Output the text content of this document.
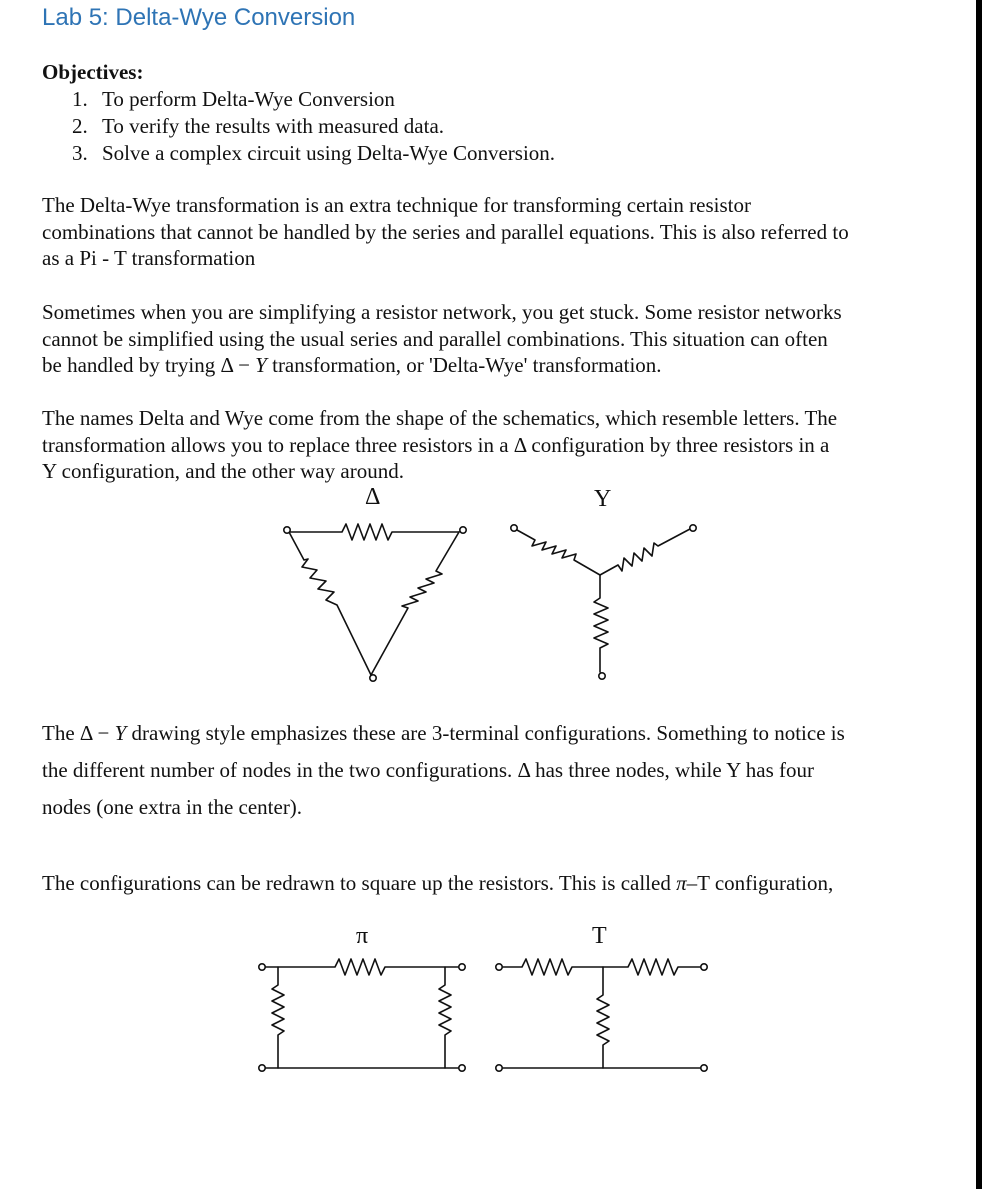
Lab 5: Delta-Wye Conversion
Objectives:
1. To perform Delta-Wye Conversion
2. To verify the results with measured data.
3. Solve a complex circuit using Delta-Wye Conversion.
The Delta-Wye transformation is an extra technique for transforming certain resistor
combinations that cannot be handled by the series and parallel equations. This is also referred to
as a Pi - T transformation
Sometimes when you are simplifying a resistor network, you get stuck. Some resistor networks
cannot be simplified using the usual series and parallel combinations. This situation can often
be handled by trying Δ − Y transformation, or 'Delta-Wye' transformation.
The names Delta and Wye come from the shape of the schematics, which resemble letters. The
transformation allows you to replace three resistors in a Δ configuration by three resistors in a
Y configuration, and the other way around.
Δ	Y
The Δ − Y drawing style emphasizes these are 3-terminal configurations. Something to notice is
the different number of nodes in the two configurations. Δ has three nodes, while Y has four
nodes (one extra in the center).
The configurations can be redrawn to square up the resistors. This is called π–T configuration,
π	T
